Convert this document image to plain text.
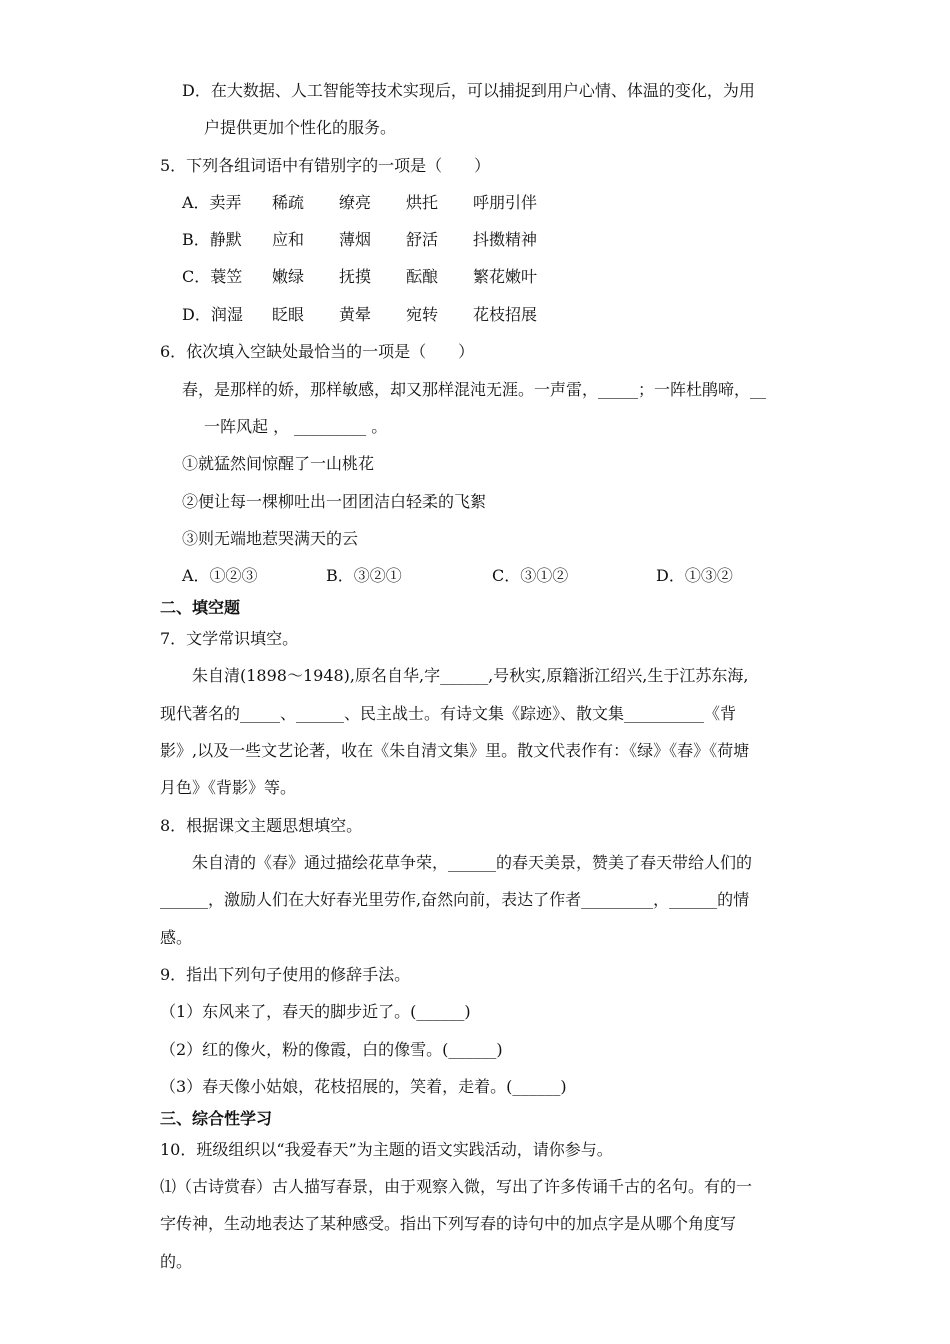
D．在大数据、人工智能等技术实现后，可以捕捉到用户心情、体温的变化，为用
户提供更加个性化的服务。
5．下列各组词语中有错别字的一项是（　　）
A．卖弄	稀疏	缭亮	烘托	呼朋引伴
B．静默	应和	薄烟	舒活	抖擞精神
C．蓑笠	嫩绿	抚摸	酝酿	繁花嫩叶
D．润湿	眨眼	黄晕	宛转	花枝招展
6．依次填入空缺处最恰当的一项是（　　）
春，是那样的娇，那样敏感，却又那样混沌无涯。一声雷，_____；一阵杜鹃啼，__
一阵风起 ， _________ 。
①就猛然间惊醒了一山桃花
②便让每一棵柳吐出一团团洁白轻柔的飞絮
③则无端地惹哭满天的云
A．①②③	B．③②①	C．③①②	D．①③②
二、填空题
7．文学常识填空。
朱自清(1898～1948),原名自华,字______,号秋实,原籍浙江绍兴,生于江苏东海,
现代著名的_____、______、民主战士。有诗文集《踪迹》、散文集__________《背
影》,以及一些文艺论著，收在《朱自清文集》里。散文代表作有：《绿》《春》《荷塘
月色》《背影》等。
8．根据课文主题思想填空。
朱自清的《春》通过描绘花草争荣，______的春天美景，赞美了春天带给人们的
______，激励人们在大好春光里劳作,奋然向前，表达了作者_________，______的情
感。
9．指出下列句子使用的修辞手法。
（1）东风来了，春天的脚步近了。(______)
（2）红的像火，粉的像霞，白的像雪。(______)
（3）春天像小姑娘，花枝招展的，笑着，走着。(______)
三、综合性学习
10．班级组织以“我爱春天”为主题的语文实践活动，请你参与。
⑴（古诗赏春）古人描写春景，由于观察入微，写出了许多传诵千古的名句。有的一
字传神，生动地表达了某种感受。指出下列写春的诗句中的加点字是从哪个角度写
的。
